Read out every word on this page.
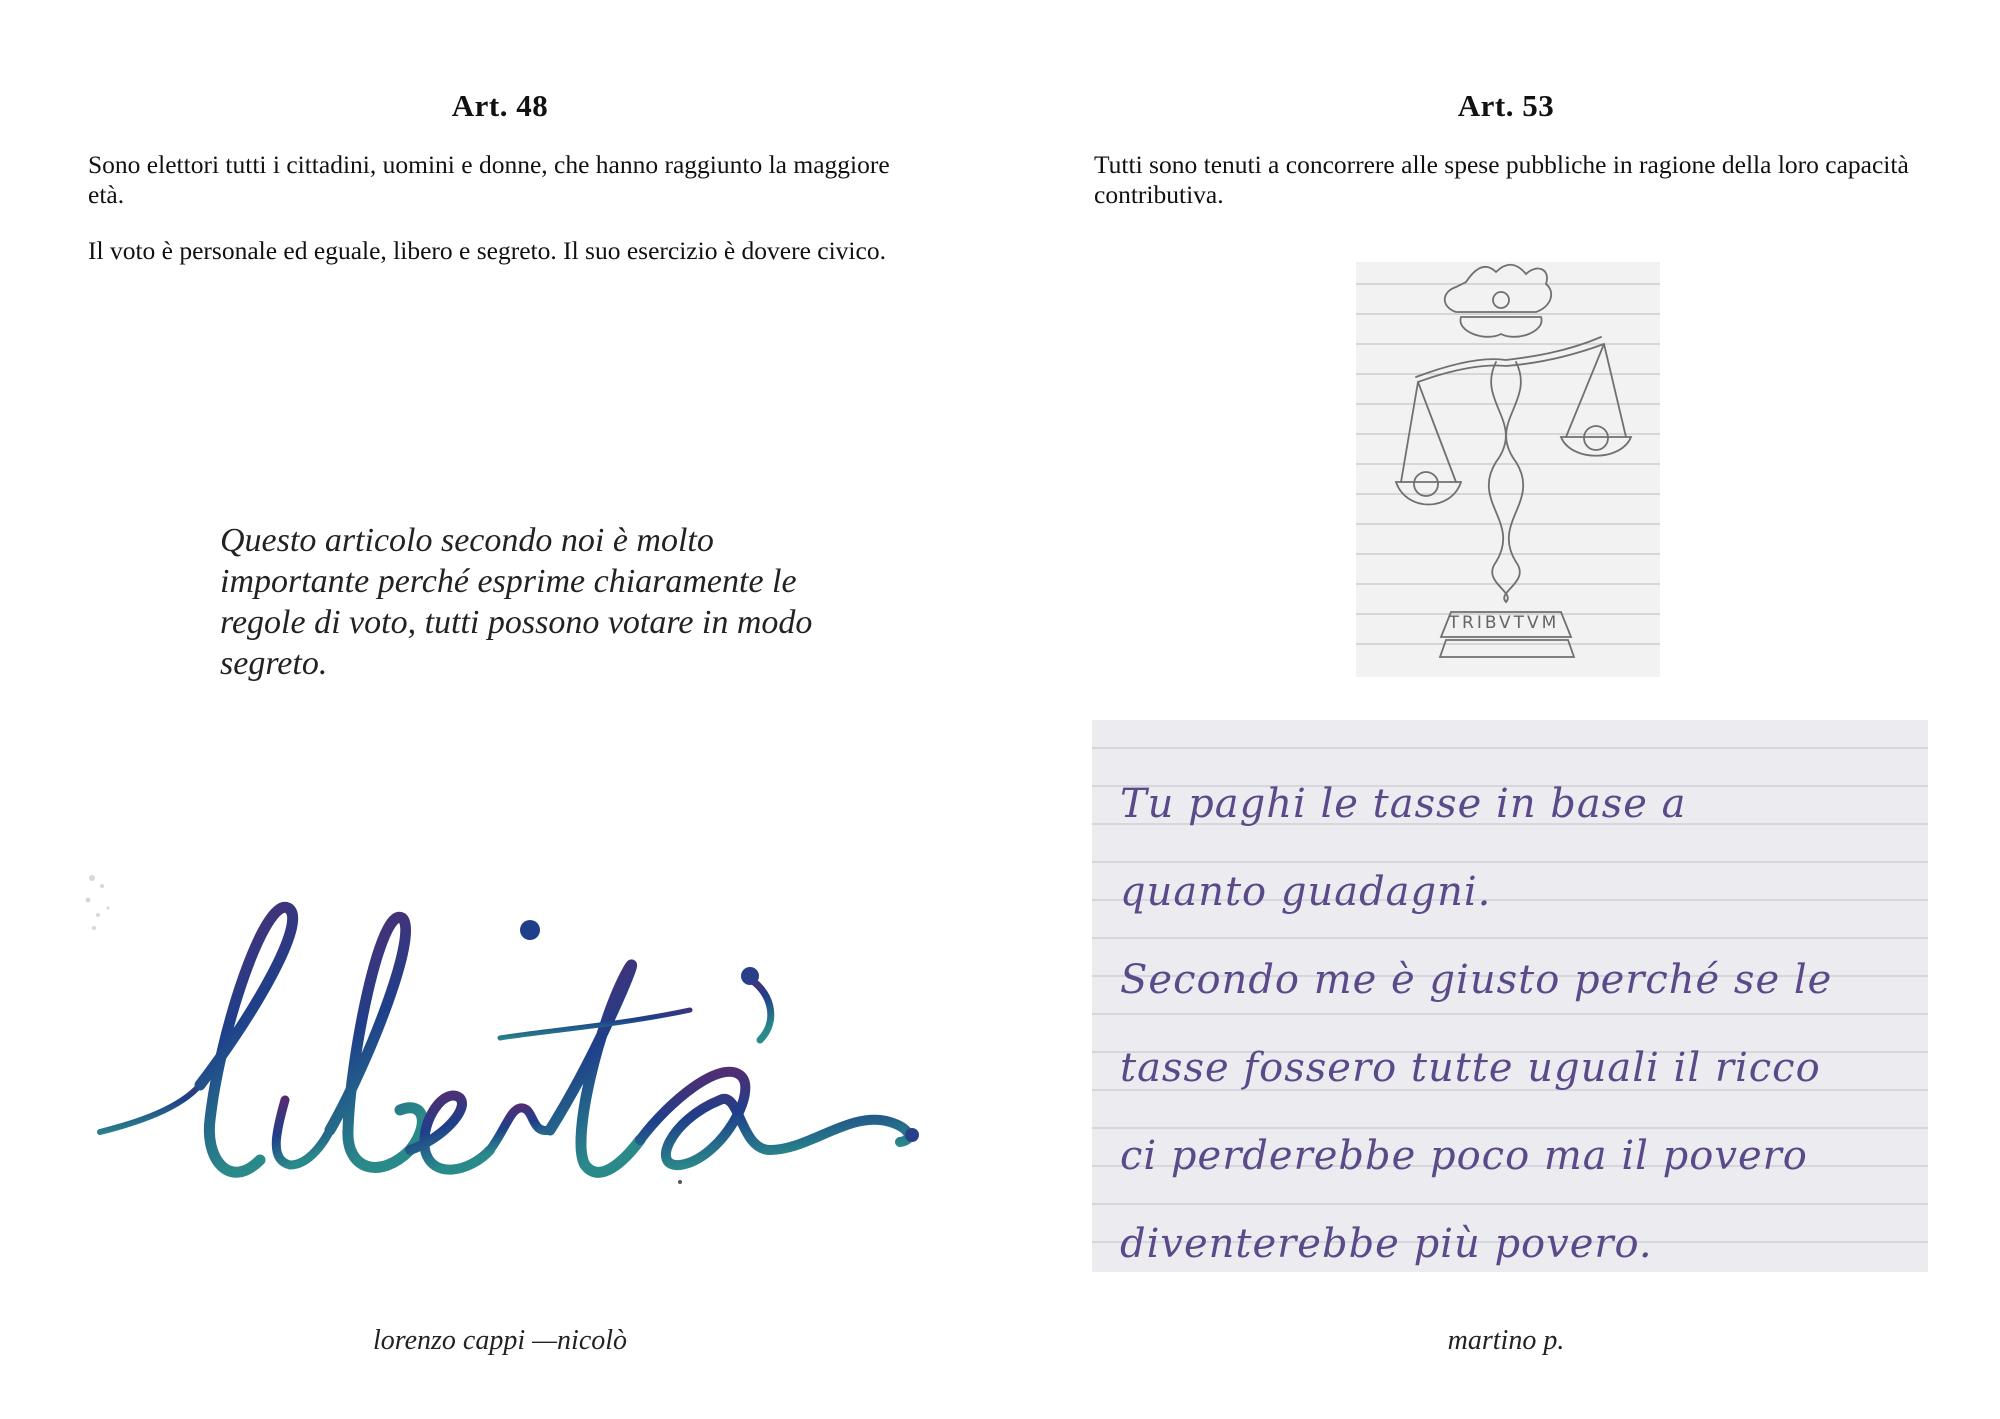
Art. 48

Sono elettori tutti i cittadini, uomini e donne, che hanno raggiunto la maggiore età.

Il voto è personale ed eguale, libero e segreto. Il suo esercizio è dovere civico.

Questo articolo secondo noi è molto importante perché esprime chiaramente le regole di voto, tutti possono votare in modo segreto.
lorenzo cappi —nicolò
Art. 53

Tutti sono tenuti a concorrere alle spese pubbliche in ragione della loro capacità contributiva.

TRIBVTVM
Tu paghi le tasse in base a
quanto guadagni.
Secondo me è giusto perché se le
tasse fossero tutte uguali il ricco
ci perderebbe poco ma il povero
diventerebbe più povero.
martino p.
